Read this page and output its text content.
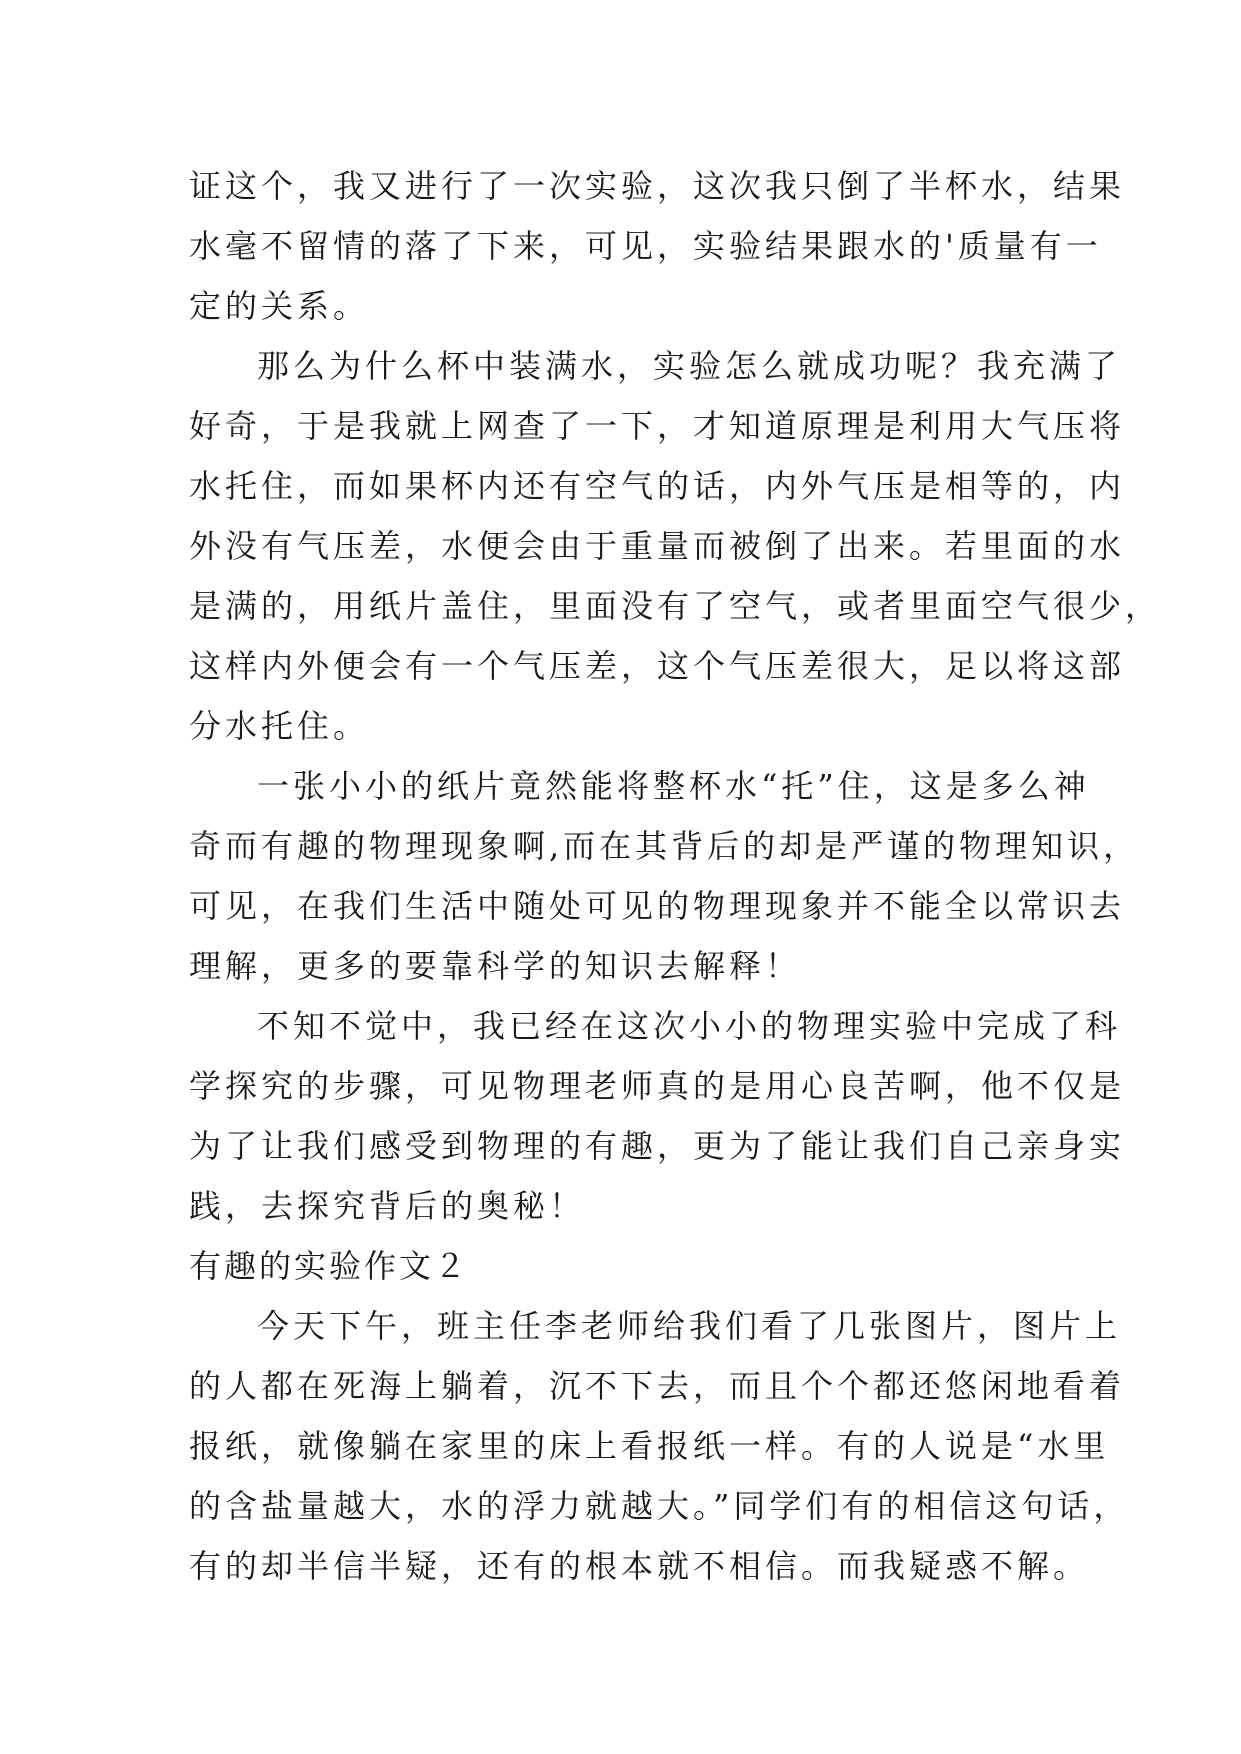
证这个，我又进行了一次实验，这次我只倒了半杯水，结果
水毫不留情的落了下来，可见，实验结果跟水的'质量有一
定的关系。
那么为什么杯中装满水，实验怎么就成功呢？我充满了
好奇，于是我就上网查了一下，才知道原理是利用大气压将
水托住，而如果杯内还有空气的话，内外气压是相等的，内
外没有气压差，水便会由于重量而被倒了出来。若里面的水
是满的，用纸片盖住，里面没有了空气，或者里面空气很少，
这样内外便会有一个气压差，这个气压差很大，足以将这部
分水托住。
一张小小的纸片竟然能将整杯水“托”住，这是多么神
奇而有趣的物理现象啊,而在其背后的却是严谨的物理知识，
可见，在我们生活中随处可见的物理现象并不能全以常识去
理解，更多的要靠科学的知识去解释！
不知不觉中，我已经在这次小小的物理实验中完成了科
学探究的步骤，可见物理老师真的是用心良苦啊，他不仅是
为了让我们感受到物理的有趣，更为了能让我们自己亲身实
践，去探究背后的奥秘！
有趣的实验作文２
今天下午，班主任李老师给我们看了几张图片，图片上
的人都在死海上躺着，沉不下去，而且个个都还悠闲地看着
报纸，就像躺在家里的床上看报纸一样。有的人说是“水里
的含盐量越大，水的浮力就越大。”同学们有的相信这句话，
有的却半信半疑，还有的根本就不相信。而我疑惑不解。
